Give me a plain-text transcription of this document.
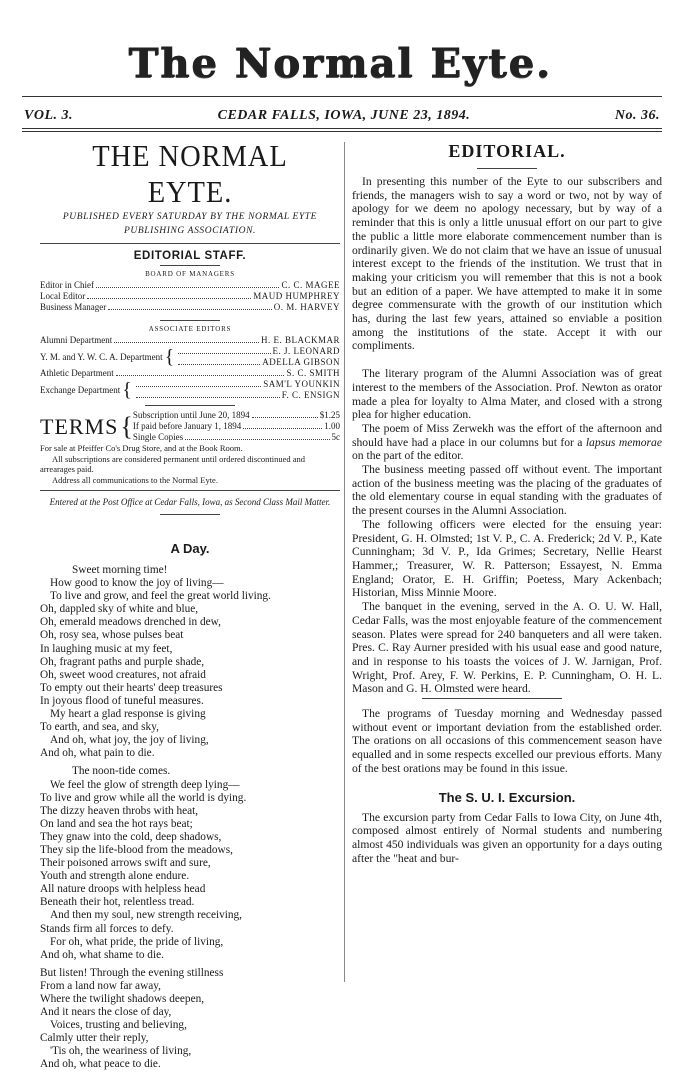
The Normal Eyte.
VOL. 3.	CEDAR FALLS, IOWA, JUNE 23, 1894.	No. 36.
THE NORMAL EYTE.
PUBLISHED EVERY SATURDAY BY THE NORMAL EYTE
PUBLISHING ASSOCIATION.
EDITORIAL STAFF.
BOARD OF MANAGERS
Editor in Chief	C. C. MAGEE
Local Editor	MAUD HUMPHREY
Business Manager	O. M. HARVEY
ASSOCIATE EDITORS
Alumni Department	H. E. BLACKMAR
Y. M. and Y. W. C. A. Department {	E. J. LEONARD
ADELLA GIBSON
Athletic Department	S. C. SMITH
Exchange Department {	SAM'L YOUNKIN
F. C. ENSIGN
TERMS { Subscription until June 20, 1894	$1.25
If paid before January 1, 1894	1.00
Single Copies	5c
For sale at Pfeiffer Co's Drug Store, and at the Book Room.
All subscriptions are considered permanent until ordered discontinued and arrearages paid.
Address all communications to the Normal Eyte.
Entered at the Post Office at Cedar Falls, Iowa, as Second Class Mail Matter.
A Day.
Sweet morning time!
How good to know the joy of living—
To live and grow, and feel the great world living.
Oh, dappled sky of white and blue,
Oh, emerald meadows drenched in dew,
Oh, rosy sea, whose pulses beat
In laughing music at my feet,
Oh, fragrant paths and purple shade,
Oh, sweet wood creatures, not afraid
To empty out their hearts' deep treasures
In joyous flood of tuneful measures.
My heart a glad response is giving
To earth, and sea, and sky,
And oh, what joy, the joy of living,
And oh, what pain to die.
The noon-tide comes.
We feel the glow of strength deep lying—
To live and grow while all the world is dying.
The dizzy heaven throbs with heat,
On land and sea the hot rays beat;
They gnaw into the cold, deep shadows,
They sip the life-blood from the meadows,
Their poisoned arrows swift and sure,
Youth and strength alone endure.
All nature droops with helpless head
Beneath their hot, relentless tread.
And then my soul, new strength receiving,
Stands firm all forces to defy.
For oh, what pride, the pride of living,
And oh, what shame to die.
But listen! Through the evening stillness
From a land now far away,
Where the twilight shadows deepen,
And it nears the close of day,
Voices, trusting and believing,
Calmly utter their reply,
'Tis oh, the weariness of living,
And oh, what peace to die.
EDITORIAL.
In presenting this number of the Eyte to our subscribers and friends, the managers wish to say a word or two, not by way of apology for we deem no apology necessary, but by way of a reminder that this is only a little unusual effort on our part to give the public a little more elaborate commencement number than is ordinarily given. We do not claim that we have an issue of unusual interest except to the friends of the institution. We trust that in making your criticism you will remember that this is not a book but an edition of a paper. We have attempted to make it in some degree commensurate with the growth of our institution which has, during the last few years, attained so enviable a position among the institutions of the state. Accept it with our compliments.
The literary program of the Alumni Association was of great interest to the members of the Association. Prof. Newton as orator made a plea for loyalty to Alma Mater, and closed with a strong plea for higher education.
The poem of Miss Zerwekh was the effort of the afternoon and should have had a place in our columns but for a lapsus memorae on the part of the editor.
The business meeting passed off without event. The important action of the business meeting was the placing of the graduates of the old elementary course in equal standing with the graduates of the present courses in the Alumni Association.
The following officers were elected for the ensuing year: President, G. H. Olmsted; 1st V. P., C. A. Frederick; 2d V. P., Kate Cunningham; 3d V. P., Ida Grimes; Secretary, Nellie Hearst Hammer,; Treasurer, W. R. Patterson; Essayest, N. Emma England; Orator, E. H. Griffin; Poetess, Mary Ackenbach; Historian, Miss Minnie Moore.
The banquet in the evening, served in the A. O. U. W. Hall, Cedar Falls, was the most enjoyable feature of the commencement season. Plates were spread for 240 banqueters and all were taken. Pres. C. Ray Aurner presided with his usual ease and good nature, and in response to his toasts the voices of J. W. Jarnigan, Prof. Wright, Prof. Arey, F. W. Perkins, E. P. Cunningham, O. H. L. Mason and G. H. Olmsted were heard.
The programs of Tuesday morning and Wednesday passed without event or important deviation from the established order. The orations on all occasions of this commencement season have equalled and in some respects excelled our previous efforts. Many of the best orations may be found in this issue.
The S. U. I. Excursion.
The excursion party from Cedar Falls to Iowa City, on June 4th, composed almost entirely of Normal students and numbering almost 450 individuals was given an opportunity for a days outing after the "heat and bur-
